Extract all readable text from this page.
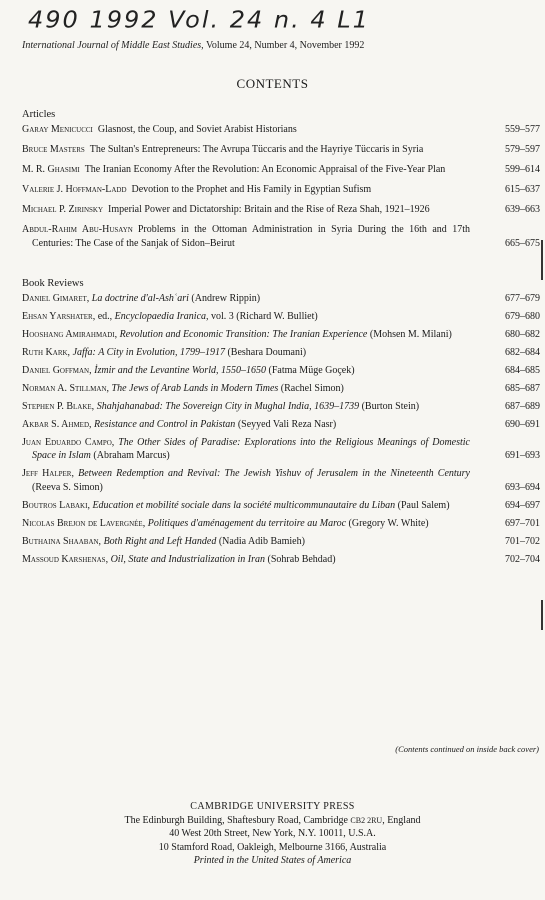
490 1992 Vol. 24 n. 4 L1
International Journal of Middle East Studies, Volume 24, Number 4, November 1992
CONTENTS
Articles
Garay Menicucci  Glasnost, the Coup, and Soviet Arabist Historians	559–577
Bruce Masters  The Sultan's Entrepreneurs: The Avrupa Tüccaris and the Hayriye Tüccaris in Syria	579–597
M. R. Ghasimi  The Iranian Economy After the Revolution: An Economic Appraisal of the Five-Year Plan	599–614
Valerie J. Hoffman-Ladd  Devotion to the Prophet and His Family in Egyptian Sufism	615–637
Michael P. Zirinsky  Imperial Power and Dictatorship: Britain and the Rise of Reza Shah, 1921–1926	639–663
Abdul-Rahim Abu-Husayn  Problems in the Ottoman Administration in Syria During the 16th and 17th Centuries: The Case of the Sanjak of Sidon–Beirut	665–675
Book Reviews
Daniel Gimaret, La doctrine d'al-Ashʿari (Andrew Rippin)	677–679
Ehsan Yarshater, ed., Encyclopaedia Iranica, vol. 3 (Richard W. Bulliet)	679–680
Hooshang Amirahmadi, Revolution and Economic Transition: The Iranian Experience (Mohsen M. Milani)	680–682
Ruth Kark, Jaffa: A City in Evolution, 1799–1917 (Beshara Doumani)	682–684
Daniel Goffman, İzmir and the Levantine World, 1550–1650 (Fatma Müge Goçek)	684–685
Norman A. Stillman, The Jews of Arab Lands in Modern Times (Rachel Simon)	685–687
Stephen P. Blake, Shahjahanabad: The Sovereign City in Mughal India, 1639–1739 (Burton Stein)	687–689
Akbar S. Ahmed, Resistance and Control in Pakistan (Seyyed Vali Reza Nasr)	690–691
Juan Eduardo Campo, The Other Sides of Paradise: Explorations into the Religious Meanings of Domestic Space in Islam (Abraham Marcus)	691–693
Jeff Halper, Between Redemption and Revival: The Jewish Yishuv of Jerusalem in the Nineteenth Century (Reeva S. Simon)	693–694
Boutros Labaki, Education et mobilité sociale dans la société multicommunautaire du Liban (Paul Salem)	694–697
Nicolas Brejon de Lavergnée, Politiques d'aménagement du territoire au Maroc (Gregory W. White)	697–701
Buthaina Shaaban, Both Right and Left Handed (Nadia Adib Bamieh)	701–702
Massoud Karshenas, Oil, State and Industrialization in Iran (Sohrab Behdad)	702–704
(Contents continued on inside back cover)
CAMBRIDGE UNIVERSITY PRESS
The Edinburgh Building, Shaftesbury Road, Cambridge CB2 2RU, England
40 West 20th Street, New York, N.Y. 10011, U.S.A.
10 Stamford Road, Oakleigh, Melbourne 3166, Australia
Printed in the United States of America
